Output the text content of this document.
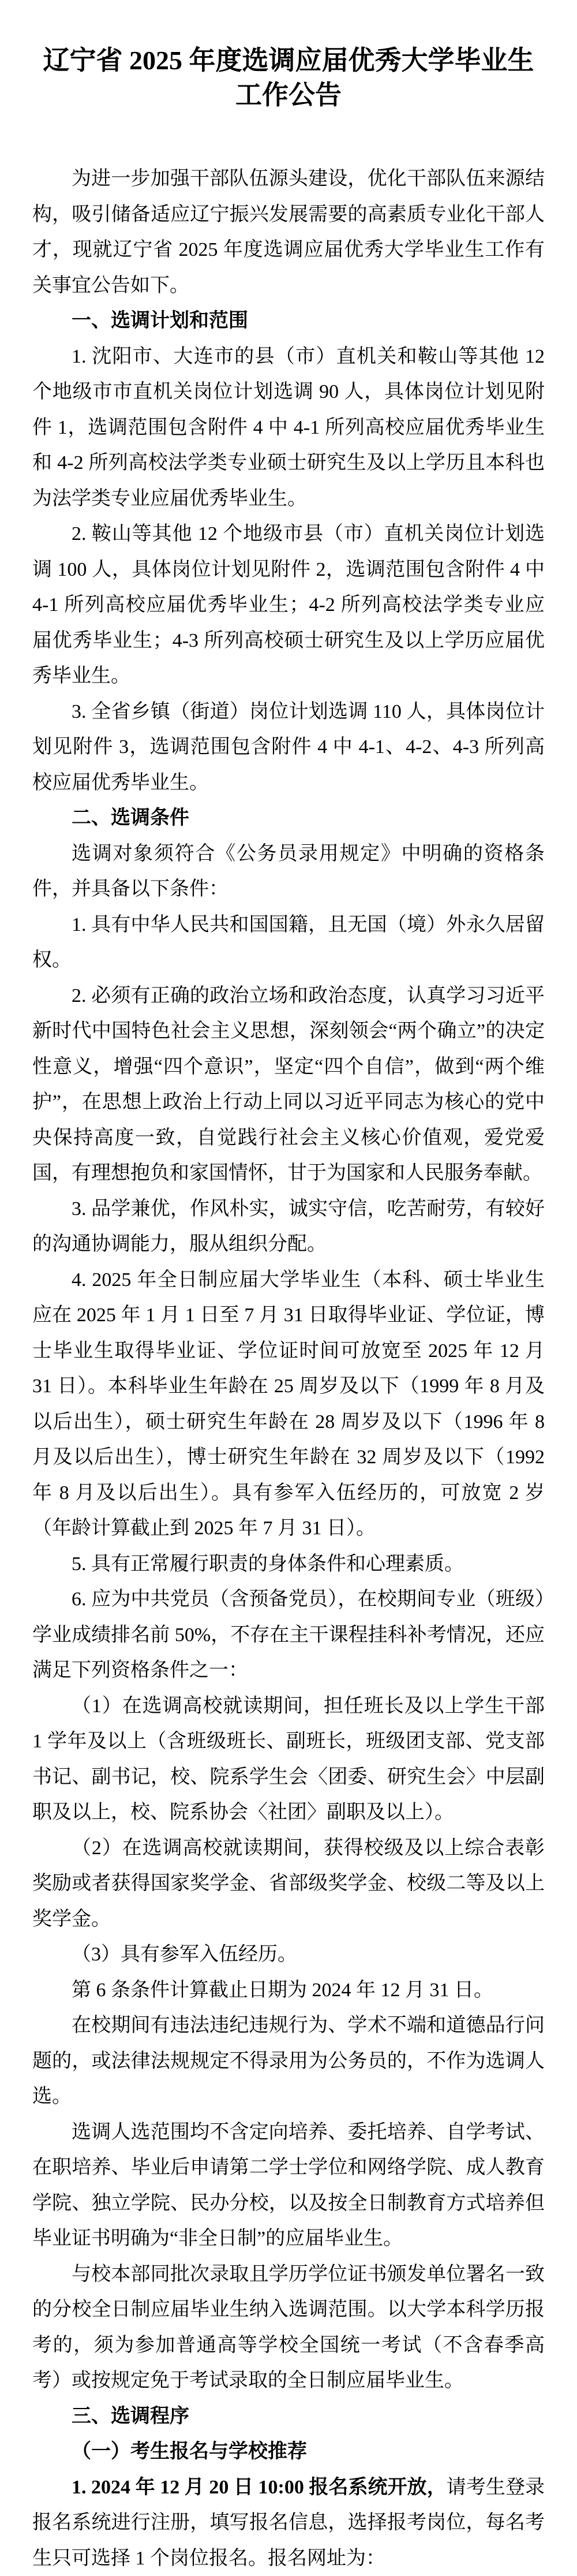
辽宁省 2025 年度选调应届优秀大学毕业生
工作公告

为进一步加强干部队伍源头建设，优化干部队伍来源结构，吸引储备适应辽宁振兴发展需要的高素质专业化干部人才，现就辽宁省 2025 年度选调应届优秀大学毕业生工作有关事宜公告如下。

一、选调计划和范围

1. 沈阳市、大连市的县（市）直机关和鞍山等其他 12 个地级市市直机关岗位计划选调 90 人，具体岗位计划见附件 1，选调范围包含附件 4 中 4-1 所列高校应届优秀毕业生和 4-2 所列高校法学类专业硕士研究生及以上学历且本科也为法学类专业应届优秀毕业生。

2. 鞍山等其他 12 个地级市县（市）直机关岗位计划选调 100 人，具体岗位计划见附件 2，选调范围包含附件 4 中 4-1 所列高校应届优秀毕业生；4-2 所列高校法学类专业应届优秀毕业生；4-3 所列高校硕士研究生及以上学历应届优秀毕业生。

3. 全省乡镇（街道）岗位计划选调 110 人，具体岗位计划见附件 3，选调范围包含附件 4 中 4-1、4-2、4-3 所列高校应届优秀毕业生。

二、选调条件

选调对象须符合《公务员录用规定》中明确的资格条件，并具备以下条件：

1. 具有中华人民共和国国籍，且无国（境）外永久居留权。

2. 必须有正确的政治立场和政治态度，认真学习习近平新时代中国特色社会主义思想，深刻领会“两个确立”的决定性意义，增强“四个意识”，坚定“四个自信”，做到“两个维护”，在思想上政治上行动上同以习近平同志为核心的党中央保持高度一致，自觉践行社会主义核心价值观，爱党爱国，有理想抱负和家国情怀，甘于为国家和人民服务奉献。

3. 品学兼优，作风朴实，诚实守信，吃苦耐劳，有较好的沟通协调能力，服从组织分配。

4. 2025 年全日制应届大学毕业生（本科、硕士毕业生应在 2025 年 1 月 1 日至 7 月 31 日取得毕业证、学位证，博士毕业生取得毕业证、学位证时间可放宽至 2025 年 12 月 31 日）。本科毕业生年龄在 25 周岁及以下（1999 年 8 月及以后出生），硕士研究生年龄在 28 周岁及以下（1996 年 8 月及以后出生），博士研究生年龄在 32 周岁及以下（1992 年 8 月及以后出生）。具有参军入伍经历的，可放宽 2 岁（年龄计算截止到 2025 年 7 月 31 日）。

5. 具有正常履行职责的身体条件和心理素质。

6. 应为中共党员（含预备党员），在校期间专业（班级）学业成绩排名前 50%，不存在主干课程挂科补考情况，还应满足下列资格条件之一：

（1）在选调高校就读期间，担任班长及以上学生干部 1 学年及以上（含班级班长、副班长，班级团支部、党支部书记、副书记，校、院系学生会〈团委、研究生会〉中层副职及以上，校、院系协会〈社团〉副职及以上）。

（2）在选调高校就读期间，获得校级及以上综合表彰奖励或者获得国家奖学金、省部级奖学金、校级二等及以上奖学金。

（3）具有参军入伍经历。

第 6 条条件计算截止日期为 2024 年 12 月 31 日。

在校期间有违法违纪违规行为、学术不端和道德品行问题的，或法律法规规定不得录用为公务员的，不作为选调人选。

选调人选范围均不含定向培养、委托培养、自学考试、在职培养、毕业后申请第二学士学位和网络学院、成人教育学院、独立学院、民办分校，以及按全日制教育方式培养但毕业证书明确为“非全日制”的应届毕业生。

与校本部同批次录取且学历学位证书颁发单位署名一致的分校全日制应届毕业生纳入选调范围。以大学本科学历报考的，须为参加普通高等学校全国统一考试（不含春季高考）或按规定免于考试录取的全日制应届毕业生。

三、选调程序
（一）考生报名与学校推荐

1. 2024 年 12 月 20 日 10:00 报名系统开放，请考生登录报名系统进行注册，填写报名信息，选择报考岗位，每名考生只可选择 1 个岗位报名。报名网址为：
